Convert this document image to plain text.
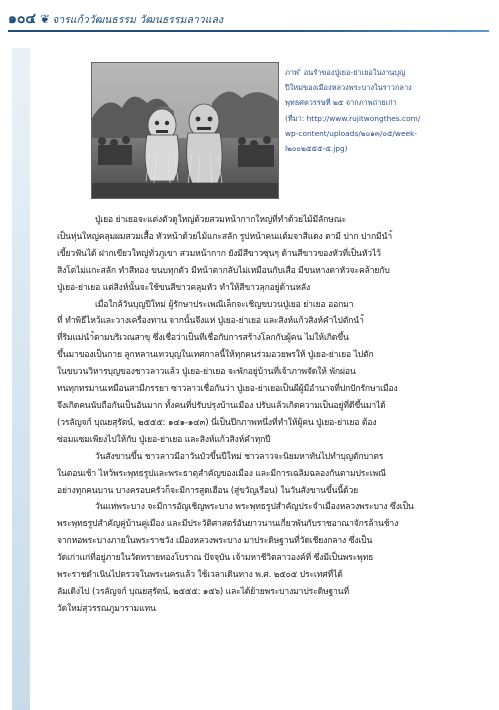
๑๐๔ ❦ จารแก้ววัฒนธรรม วัฒนธรรมลาวแลง

ภาพ ิ่ อนรำของปู่เยอ-ย่าเยอในงานบุญ
ปีใหม่ของเมืองหลวงพระบางในราวกลาง
พุทธศตวรรษที่ ๒๕ จากภาพถ่ายเก่า
(ที่มา: http://www.rujitwongthes.com/
wp-content/uploads/๒๐๑๓/๐๕/week-
l๒๐๐๒๕๕๕-๕.jpg)

ปู่เยอ ย่าเยอจะแต่งตัวดูใหญ่ด้วยสวมหน้ากากใหญ่ที่ทำด้วยไม้มีลักษณะ
เป็นหุ่นใหญ่คลุมผมสวมเสื้อ หัวหน้าด้วยไม้แกะสลัก รูปหน้าคนแต้มจาสีแดง ตามี ปาก ปากมีนำ้
เขี้ยวฟันได้ ฝากเขียวใหญ่ทั่วภูเขา สวมหน้ากาก ยังมีสีขาวซุนๆ ด้านสีขาวของหัวที่เป็นหัวไว้
สิงโตไม่แกะสลัก ทำสีทอง ขนบทุกตัว มีหน้าตากลับไม่เหมือนกับเสือ มีขนหางตาหัวจะคล้ายกับ
ปู่เยอ-ย่าเยอ แต่สิงห์นั้นจะใช้ขนสีขาวคลุมหัว ทำให้สีขาวลุกอยู่ด้านหลัง

เมื่อใกล้วันบุญปีใหม่ ผู้รักษาประเพณีเล็กจะเชิญขบวนปู่เยอ ย่าเยอ ออกมา
ที่ ทำพิธีไหว้และวางเครื่องทาน จากนั้นจึงแห่ ปู่เยอ-ย่าเยอ และสิงห์แก้วสิงห์คำไปตักนำ้
ที่ริมแม่นำ้ตามบริเวณสาขุ ซึ่งเชื่อว่าเป็นทีเชื่อกับการสร้างโลกกับผู้คน ไม่ให้เกิดขึ้น
ขึ้นมาของเป็นกาย ลูกหลานเทวบุญในเทศกาลนี้ให้ทุกคนร่วมอวยพรให้ ปู่เยอ-ย่าเยอ ไปตัก
ในขบวนวิหารบุญของชาวลาวแล้ว ปู่เยอ-ย่าเยอ จะพักอยู่บ้านที่เจ้าภาพจัดให้ พักผ่อน
ทนทุกทรมานเหมือนสามีภรรยา ซาวลาวเชื่อกันว่า ปู่เยอ-ย่าเยอเป็นผีผู้มีอำนาจที่ปกปักรักษาเมือง
จึงเกิดคนนับถือกันเป็นอันมาก ทั้งคนที่ปรับปรุงบ้านเมือง ปรับแล้วเกิดความเป็นอยู่ที่ดีขึ้นมาได้
(วรลัญจก์ บุณยสุรัตน์, ๒๕๕๕: ๑๔๑-๑๔๓) นี่เป็นปีกภาพหนึ่งที่ทำให้ผู้คน ปู่เยอ-ย่าเยอ ต้อง
ซ่อมแซมเพียงไปให้กับ ปู่เยอ-ย่าเยอ และสิงห์แก้วสิงห์คำทุกปี

วันสังขานขึ้น ชาวลาวมีอาวันบัวขึ้นปีใหม่ ชาวลาวจะนิยมหาทันไปทำบุญตักบาตร
ในตอนเช้า ไหว้พระพุทธรูปและพระธาตุสำคัญของเมือง และมีการเฉลิมฉลองกันตามประเพณี
อย่างทุกคนบาน บางครอบครัวก็จะมีการสูดเฮือน (สู่ขวัญเรือน) ในวันสังขานขึ้นนี้ด้วย

วันแห่พระบาง จะมีการอัญเชิญพระบาง พระพุทธรูปสำคัญประจำเมืองหลวงพระบาง ซึ่งเป็น
พระพุทธรูปสำคัญคู่บ้านคู่เมือง และมีประวัติศาสตร์อันยาวนานเกี่ยวพันกับราชอาณาจักรล้านช้าง
จากหอพระบางภายในพระราชวัง เมืองหลวงพระบาง มาประดิษฐานที่วัดเชียงกลาง ซึ่งเป็น
วัดเก่าแก่ที่อยู่ภายในวัดทรายทองโบราณ ปัจจุบัน เจ้ามหาชีวิตลาวองค์ที่ ซึ่งมีเป็นพระพุทธ
พระราชดำเนินไปตรวจในพระนครแล้ว ใช้เวลาเดินทาง พ.ศ. ๒๕๐๕ ประเทศที่ได้
ลัมเดิงไป (วรลัญจก์ บุณยสุรัตน์, ๒๕๕๕: ๑๕๖) และได้ย้ายพระบางมาประดิษฐานที่
วัดใหม่สุวรรณภูมารามแทน
